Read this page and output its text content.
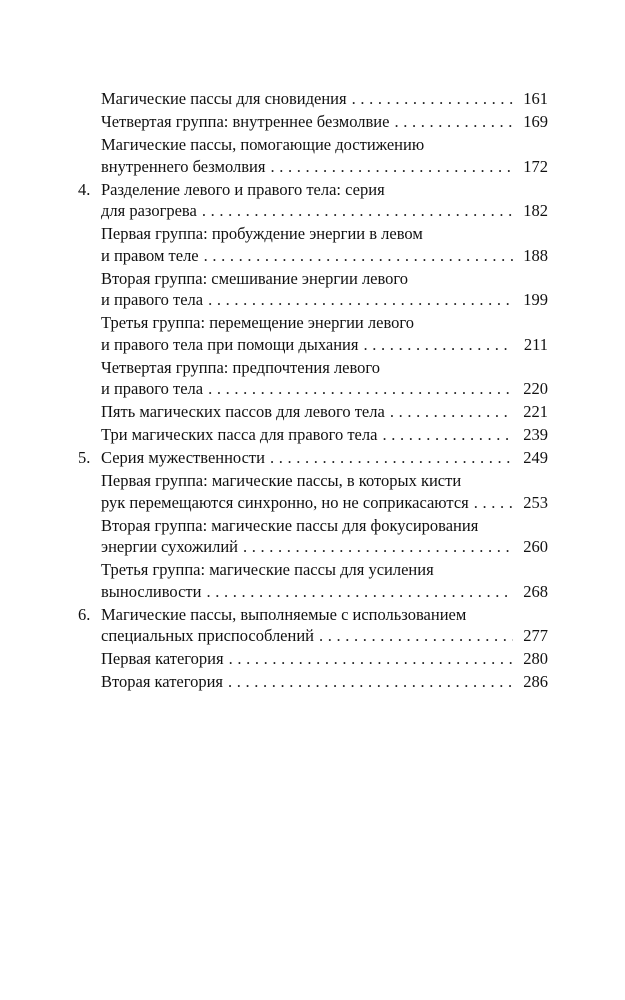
Магические пассы для сновидения . . .	161
Четвертая группа: внутреннее безмолвие . . .	169
Магические пассы, помогающие достижению
внутреннего безмолвия . . .	172
4. Разделение левого и правого тела: серия
для разогрева . . .	182
Первая группа: пробуждение энергии в левом
и правом теле . . .	188
Вторая группа: смешивание энергии левого
и правого тела . . .	199
Третья группа: перемещение энергии левого
и правого тела при помощи дыхания . . .	211
Четвертая группа: предпочтения левого
и правого тела . . .	220
Пять магических пассов для левого тела . . .	221
Три магических пасса для правого тела . . .	239
5. Серия мужественности . . .	249
Первая группа: магические пассы, в которых кисти
рук перемещаются синхронно, но не соприкасаются . . .	253
Вторая группа: магические пассы для фокусирования
энергии сухожилий . . .	260
Третья группа: магические пассы для усиления
выносливости . . .	268
6. Магические пассы, выполняемые с использованием
специальных приспособлений . . .	277
Первая категория . . .	280
Вторая категория . . .	286
